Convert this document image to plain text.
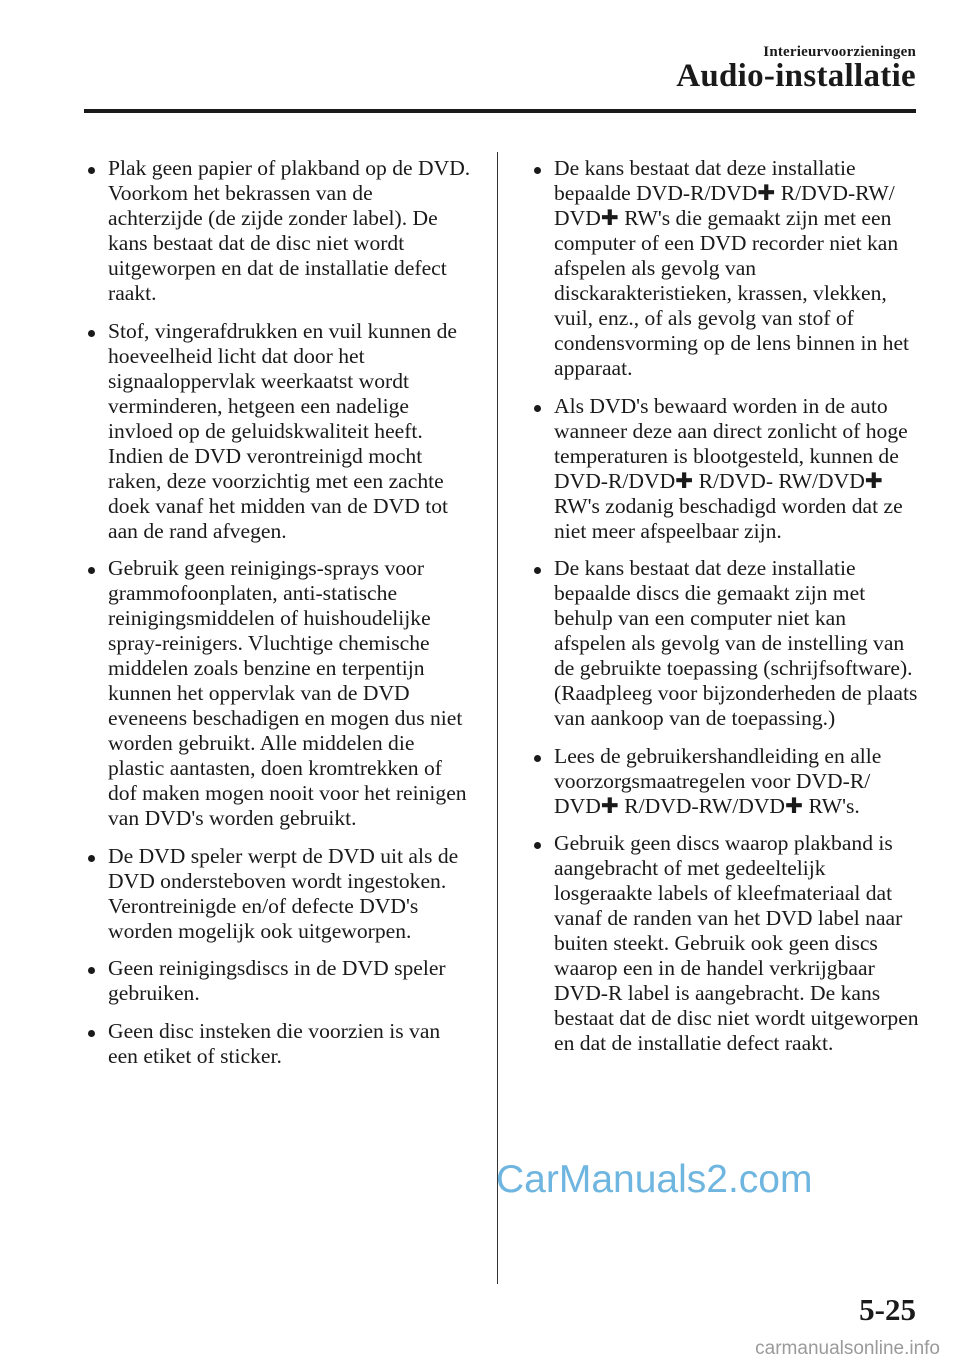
Interieurvoorzieningen
Audio-installatie
Plak geen papier of plakband op de DVD. Voorkom het bekrassen van de achterzijde (de zijde zonder label). De kans bestaat dat de disc niet wordt uitgeworpen en dat de installatie defect raakt.
Stof, vingerafdrukken en vuil kunnen de hoeveelheid licht dat door het signaaloppervlak weerkaatst wordt verminderen, hetgeen een nadelige invloed op de geluidskwaliteit heeft. Indien de DVD verontreinigd mocht raken, deze voorzichtig met een zachte doek vanaf het midden van de DVD tot aan de rand afvegen.
Gebruik geen reinigings-sprays voor grammofoonplaten, anti-statische reinigingsmiddelen of huishoudelijke spray-reinigers. Vluchtige chemische middelen zoals benzine en terpentijn kunnen het oppervlak van de DVD eveneens beschadigen en mogen dus niet worden gebruikt. Alle middelen die plastic aantasten, doen kromtrekken of dof maken mogen nooit voor het reinigen van DVD's worden gebruikt.
De DVD speler werpt de DVD uit als de DVD ondersteboven wordt ingestoken. Verontreinigde en/of defecte DVD's worden mogelijk ook uitgeworpen.
Geen reinigingsdiscs in de DVD speler gebruiken.
Geen disc insteken die voorzien is van een etiket of sticker.
De kans bestaat dat deze installatie bepaalde DVD-R/DVD✚ R/DVD-RW/ DVD✚ RW's die gemaakt zijn met een computer of een DVD recorder niet kan afspelen als gevolg van disckarakteristieken, krassen, vlekken, vuil, enz., of als gevolg van stof of condensvorming op de lens binnen in het apparaat.
Als DVD's bewaard worden in de auto wanneer deze aan direct zonlicht of hoge temperaturen is blootgesteld, kunnen de DVD-R/DVD✚ R/DVD- RW/DVD✚ RW's zodanig beschadigd worden dat ze niet meer afspeelbaar zijn.
De kans bestaat dat deze installatie bepaalde discs die gemaakt zijn met behulp van een computer niet kan afspelen als gevolg van de instelling van de gebruikte toepassing (schrijfsoftware). (Raadpleeg voor bijzonderheden de plaats van aankoop van de toepassing.)
Lees de gebruikershandleiding en alle voorzorgsmaatregelen voor DVD-R/ DVD✚ R/DVD-RW/DVD✚ RW's.
Gebruik geen discs waarop plakband is aangebracht of met gedeeltelijk losgeraakte labels of kleefmateriaal dat vanaf de randen van het DVD label naar buiten steekt. Gebruik ook geen discs waarop een in de handel verkrijgbaar DVD-R label is aangebracht. De kans bestaat dat de disc niet wordt uitgeworpen en dat de installatie defect raakt.
CarManuals2.com
5-25
carmanualsonline.info
